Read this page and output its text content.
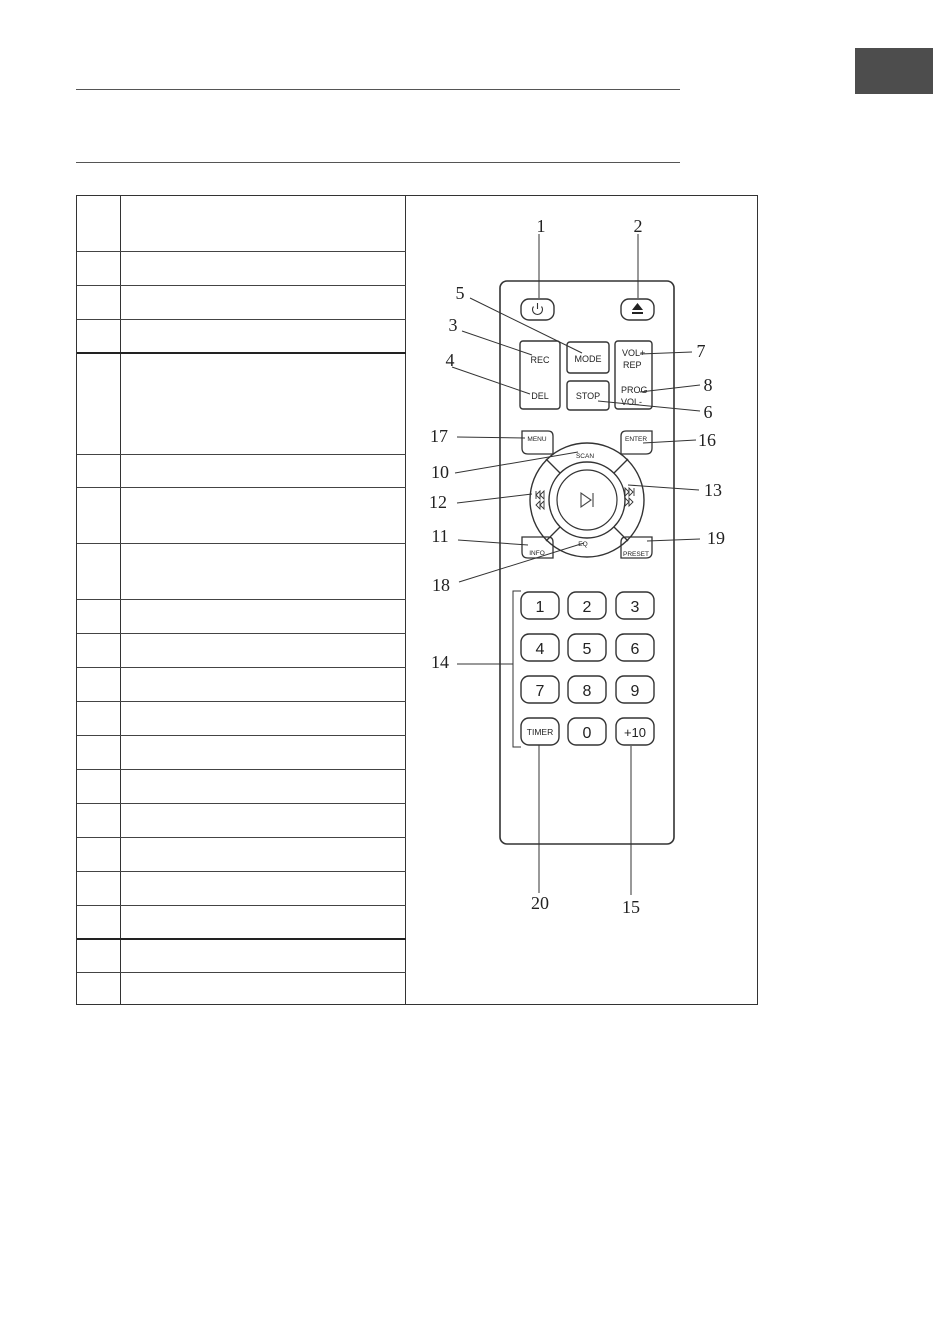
REC
DEL
MODE
STOP
VOL+
REP
PROG
VOL-
MENU	ENTER
INFO	PRESET
SCAN
EQ
1 2 3
4 5 6
7 8 9
TIMER 0	+10
1	2
3
4
5
6
7
8
10
11
12
13
14
15
16
17
18
19
20
